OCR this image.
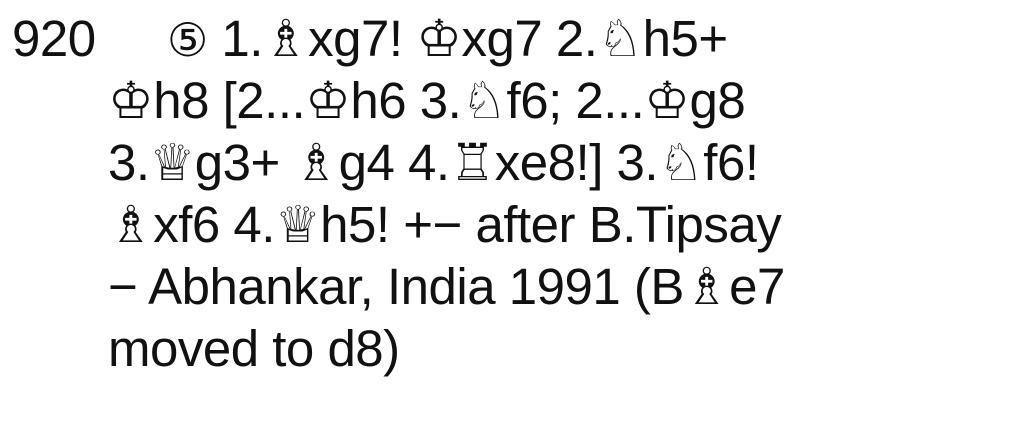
920 ⑤ 1.♗xg7! ♔xg7 2.♘h5+
♔h8 [2...♔h6 3.♘f6; 2...♔g8
3.♕g3+ ♗g4 4.♖xe8!] 3.♘f6!
♗xf6 4.♕h5! +− after B.Tipsay
− Abhankar, India 1991 (B♗e7
moved to d8)
